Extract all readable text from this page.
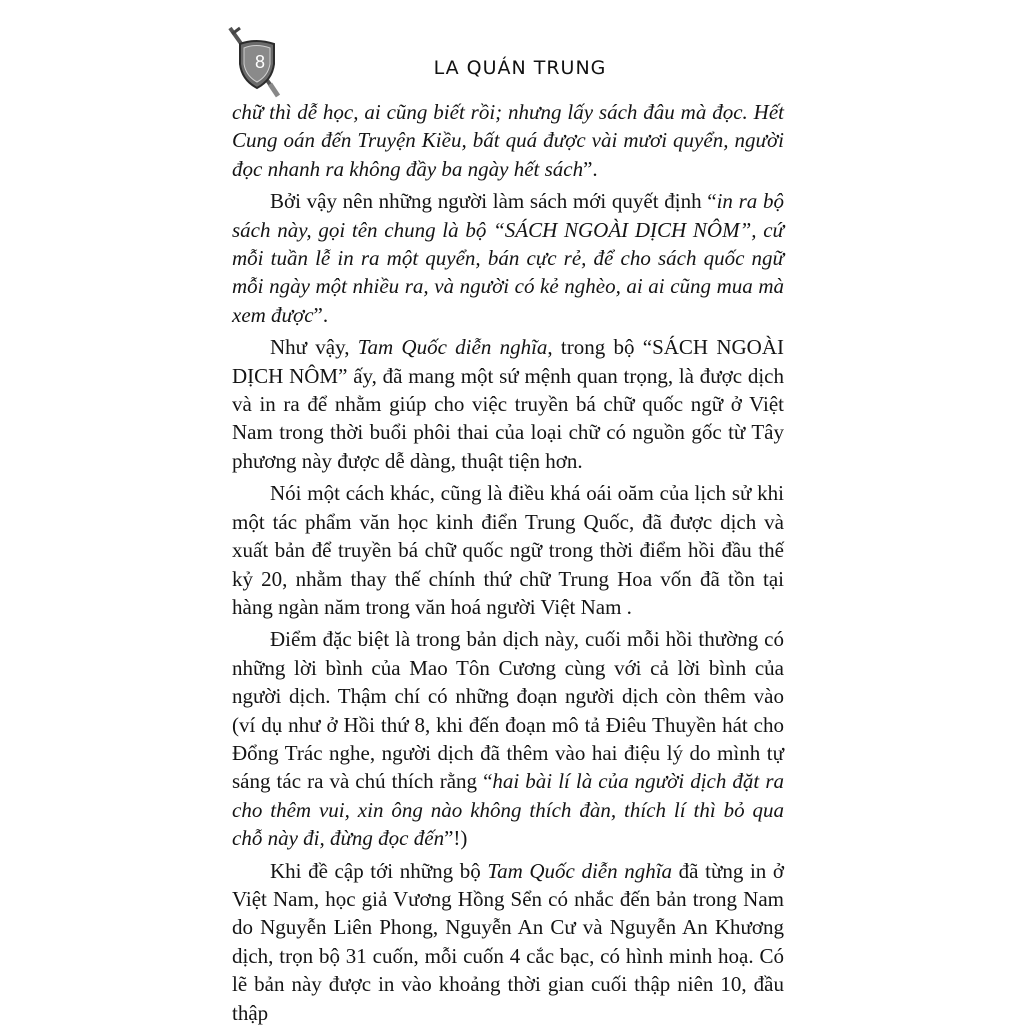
8	LA QUÁN TRUNG

chữ thì dễ học, ai cũng biết rồi; nhưng lấy sách đâu mà đọc. Hết Cung oán đến Truyện Kiều, bất quá được vài mươi quyển, người đọc nhanh ra không đầy ba ngày hết sách”.

Bởi vậy nên những người làm sách mới quyết định “in ra bộ sách này, gọi tên chung là bộ “SÁCH NGOÀI DỊCH NÔM”, cứ mỗi tuần lễ in ra một quyển, bán cực rẻ, để cho sách quốc ngữ mỗi ngày một nhiều ra, và người có kẻ nghèo, ai ai cũng mua mà xem được”.

Như vậy, Tam Quốc diễn nghĩa, trong bộ “SÁCH NGOÀI DỊCH NÔM” ấy, đã mang một sứ mệnh quan trọng, là được dịch và in ra để nhằm giúp cho việc truyền bá chữ quốc ngữ ở Việt Nam trong thời buổi phôi thai của loại chữ có nguồn gốc từ Tây phương này được dễ dàng, thuật tiện hơn.

Nói một cách khác, cũng là điều khá oái oăm của lịch sử khi một tác phẩm văn học kinh điển Trung Quốc, đã được dịch và xuất bản để truyền bá chữ quốc ngữ trong thời điểm hồi đầu thế kỷ 20, nhằm thay thế chính thứ chữ Trung Hoa vốn đã tồn tại hàng ngàn năm trong văn hoá người Việt Nam .

Điểm đặc biệt là trong bản dịch này, cuối mỗi hồi thường có những lời bình của Mao Tôn Cương cùng với cả lời bình của người dịch. Thậm chí có những đoạn người dịch còn thêm vào (ví dụ như ở Hồi thứ 8, khi đến đoạn mô tả Điêu Thuyền hát cho Đổng Trác nghe, người dịch đã thêm vào hai điệu lý do mình tự sáng tác ra và chú thích rằng “hai bài lí là của người dịch đặt ra cho thêm vui, xin ông nào không thích đàn, thích lí thì bỏ qua chỗ này đi, đừng đọc đến”!)

Khi đề cập tới những bộ Tam Quốc diễn nghĩa đã từng in ở Việt Nam, học giả Vương Hồng Sển có nhắc đến bản trong Nam do Nguyễn Liên Phong, Nguyễn An Cư và Nguyễn An Khương dịch, trọn bộ 31 cuốn, mỗi cuốn 4 cắc bạc, có hình minh hoạ. Có lẽ bản này được in vào khoảng thời gian cuối thập niên 10, đầu thập
